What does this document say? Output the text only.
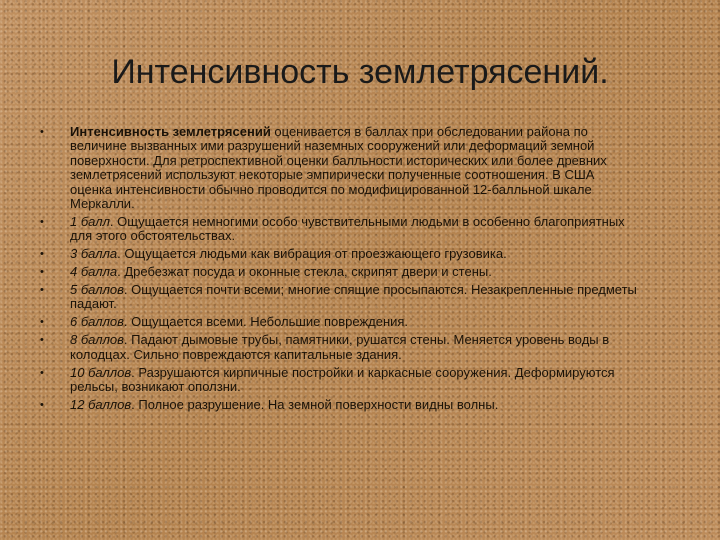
Интенсивность землетрясений.
• Интенсивность землетрясений оценивается в баллах при обследовании района по величине вызванных ими разрушений наземных сооружений или деформаций земной поверхности. Для ретроспективной оценки балльности исторических или более древних землетрясений используют некоторые эмпирически полученные соотношения. В США оценка интенсивности обычно проводится по модифицированной 12-балльной шкале Меркалли.
• 1 балл. Ощущается немногими особо чувствительными людьми в особенно благоприятных для этого обстоятельствах.
• 3 балла. Ощущается людьми как вибрация от проезжающего грузовика.
• 4 балла. Дребезжат посуда и оконные стекла, скрипят двери и стены.
• 5 баллов. Ощущается почти всеми; многие спящие просыпаются. Незакрепленные предметы падают.
• 6 баллов. Ощущается всеми. Небольшие повреждения.
• 8 баллов. Падают дымовые трубы, памятники, рушатся стены. Меняется уровень воды в колодцах. Сильно повреждаются капитальные здания.
• 10 баллов. Разрушаются кирпичные постройки и каркасные сооружения. Деформируются рельсы, возникают оползни.
• 12 баллов. Полное разрушение. На земной поверхности видны волны.
